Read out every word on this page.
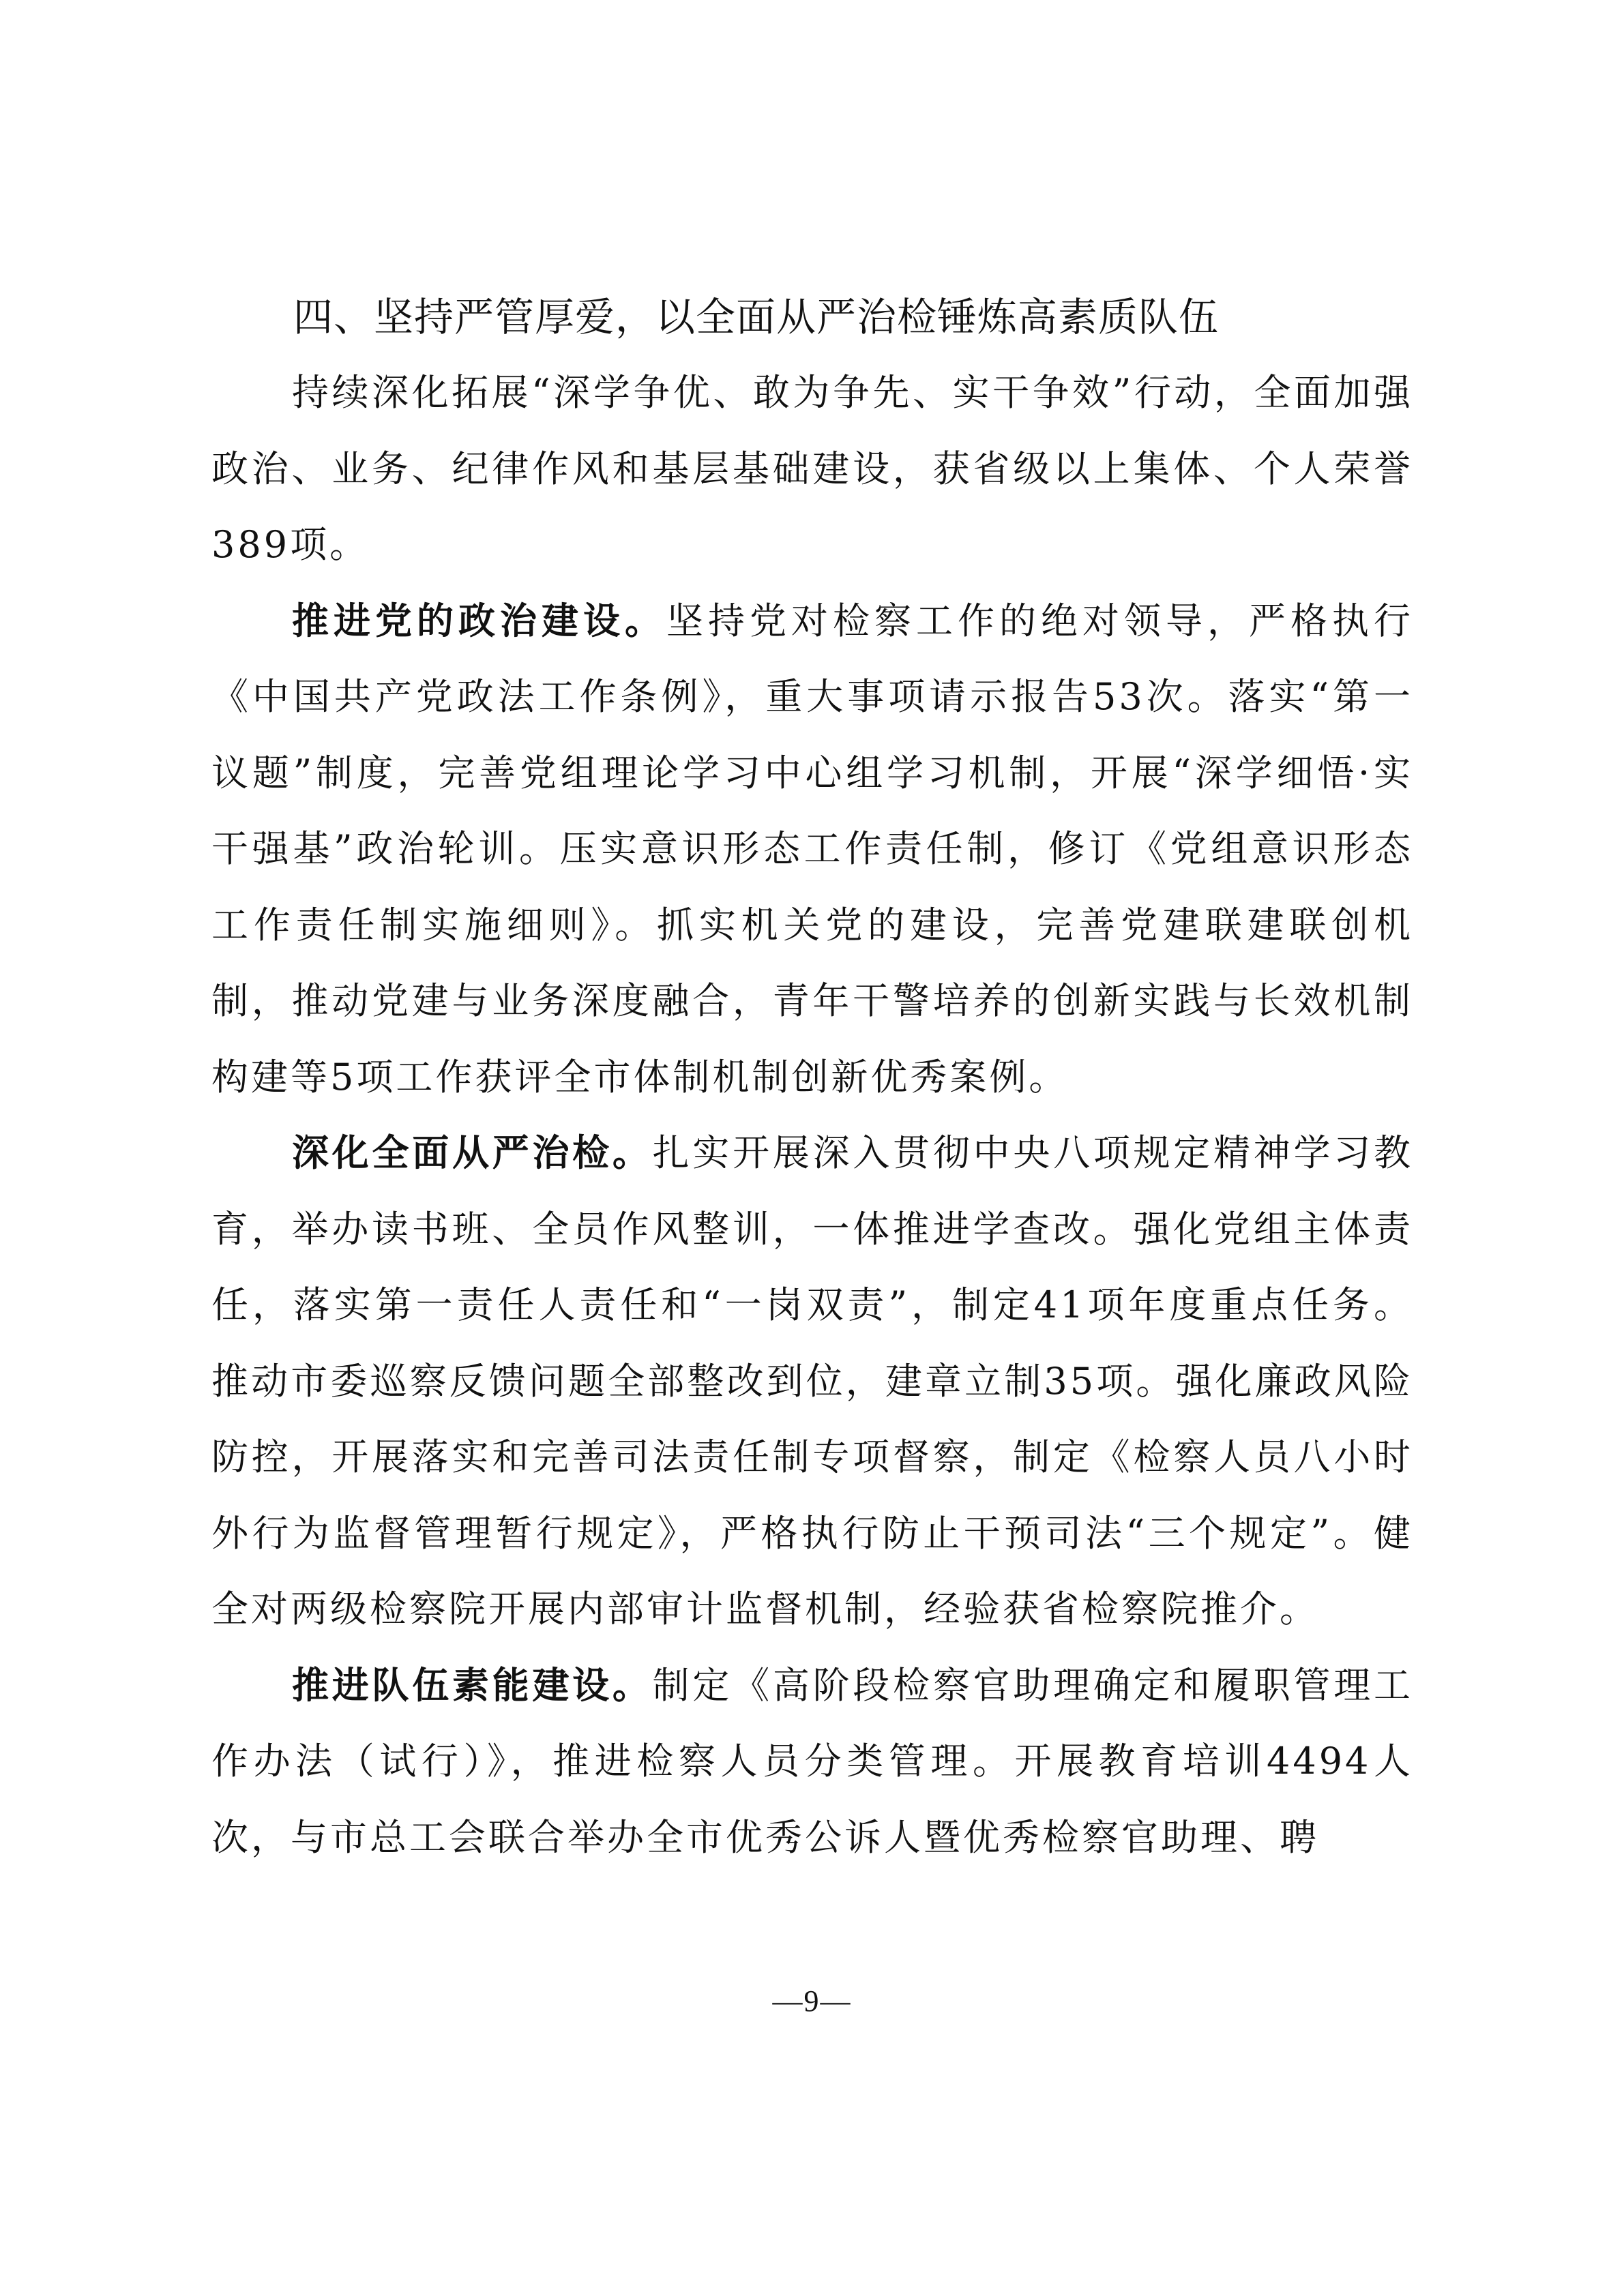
四、坚持严管厚爱，以全面从严治检锤炼高素质队伍

持续深化拓展“深学争优、敢为争先、实干争效”行动，全面加强政治、业务、纪律作风和基层基础建设，获省级以上集体、个人荣誉389项。

推进党的政治建设。坚持党对检察工作的绝对领导，严格执行《中国共产党政法工作条例》，重大事项请示报告53次。落实“第一议题”制度，完善党组理论学习中心组学习机制，开展“深学细悟·实干强基”政治轮训。压实意识形态工作责任制，修订《党组意识形态工作责任制实施细则》。抓实机关党的建设，完善党建联建联创机制，推动党建与业务深度融合，青年干警培养的创新实践与长效机制构建等5项工作获评全市体制机制创新优秀案例。

深化全面从严治检。扎实开展深入贯彻中央八项规定精神学习教育，举办读书班、全员作风整训，一体推进学查改。强化党组主体责任，落实第一责任人责任和“一岗双责”，制定41项年度重点任务。推动市委巡察反馈问题全部整改到位，建章立制35项。强化廉政风险防控，开展落实和完善司法责任制专项督察，制定《检察人员八小时外行为监督管理暂行规定》，严格执行防止干预司法“三个规定”。健全对两级检察院开展内部审计监督机制，经验获省检察院推介。

推进队伍素能建设。制定《高阶段检察官助理确定和履职管理工作办法（试行）》，推进检察人员分类管理。开展教育培训4494人次，与市总工会联合举办全市优秀公诉人暨优秀检察官助理、聘

—9—
